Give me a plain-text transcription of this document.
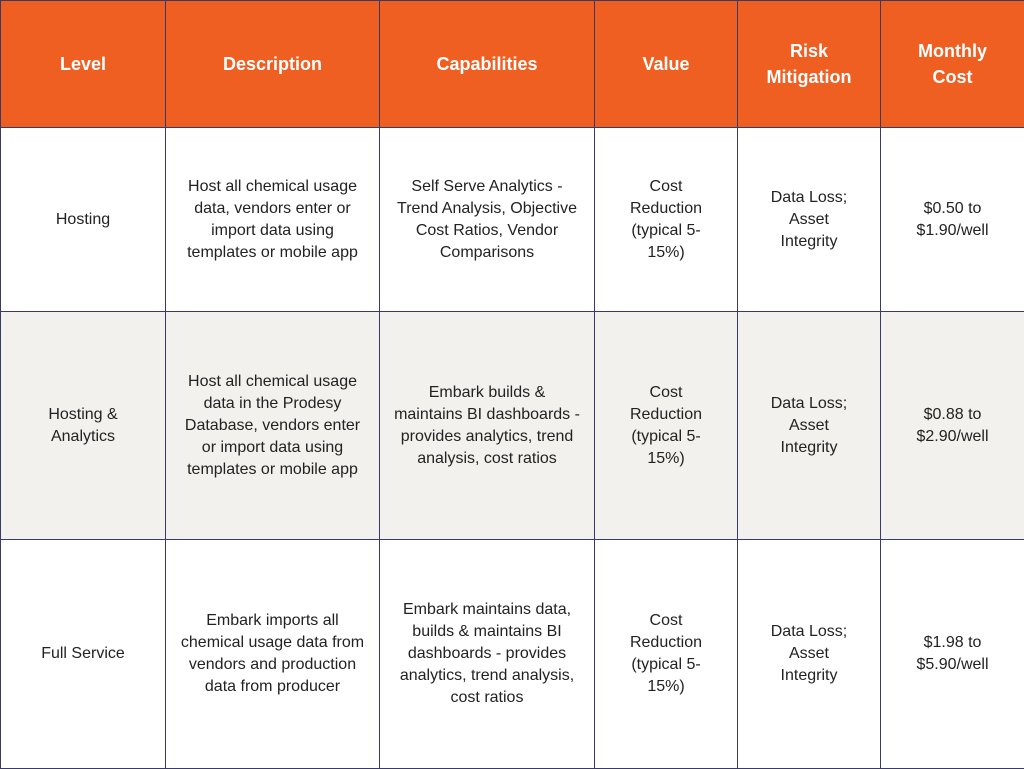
Level	Description	Capabilities	Value	Risk Mitigation	Monthly Cost
Hosting	Host all chemical usage data, vendors enter or import data using templates or mobile app	Self Serve Analytics - Trend Analysis, Objective Cost Ratios, Vendor Comparisons	Cost Reduction (typical 5-15%)	Data Loss; Asset Integrity	$0.50 to $1.90/well
Hosting & Analytics	Host all chemical usage data in the Prodesy Database, vendors enter or import data using templates or mobile app	Embark builds & maintains BI dashboards - provides analytics, trend analysis, cost ratios	Cost Reduction (typical 5-15%)	Data Loss; Asset Integrity	$0.88 to $2.90/well
Full Service	Embark imports all chemical usage data from vendors and production data from producer	Embark maintains data, builds & maintains BI dashboards - provides analytics, trend analysis, cost ratios	Cost Reduction (typical 5-15%)	Data Loss; Asset Integrity	$1.98 to $5.90/well
